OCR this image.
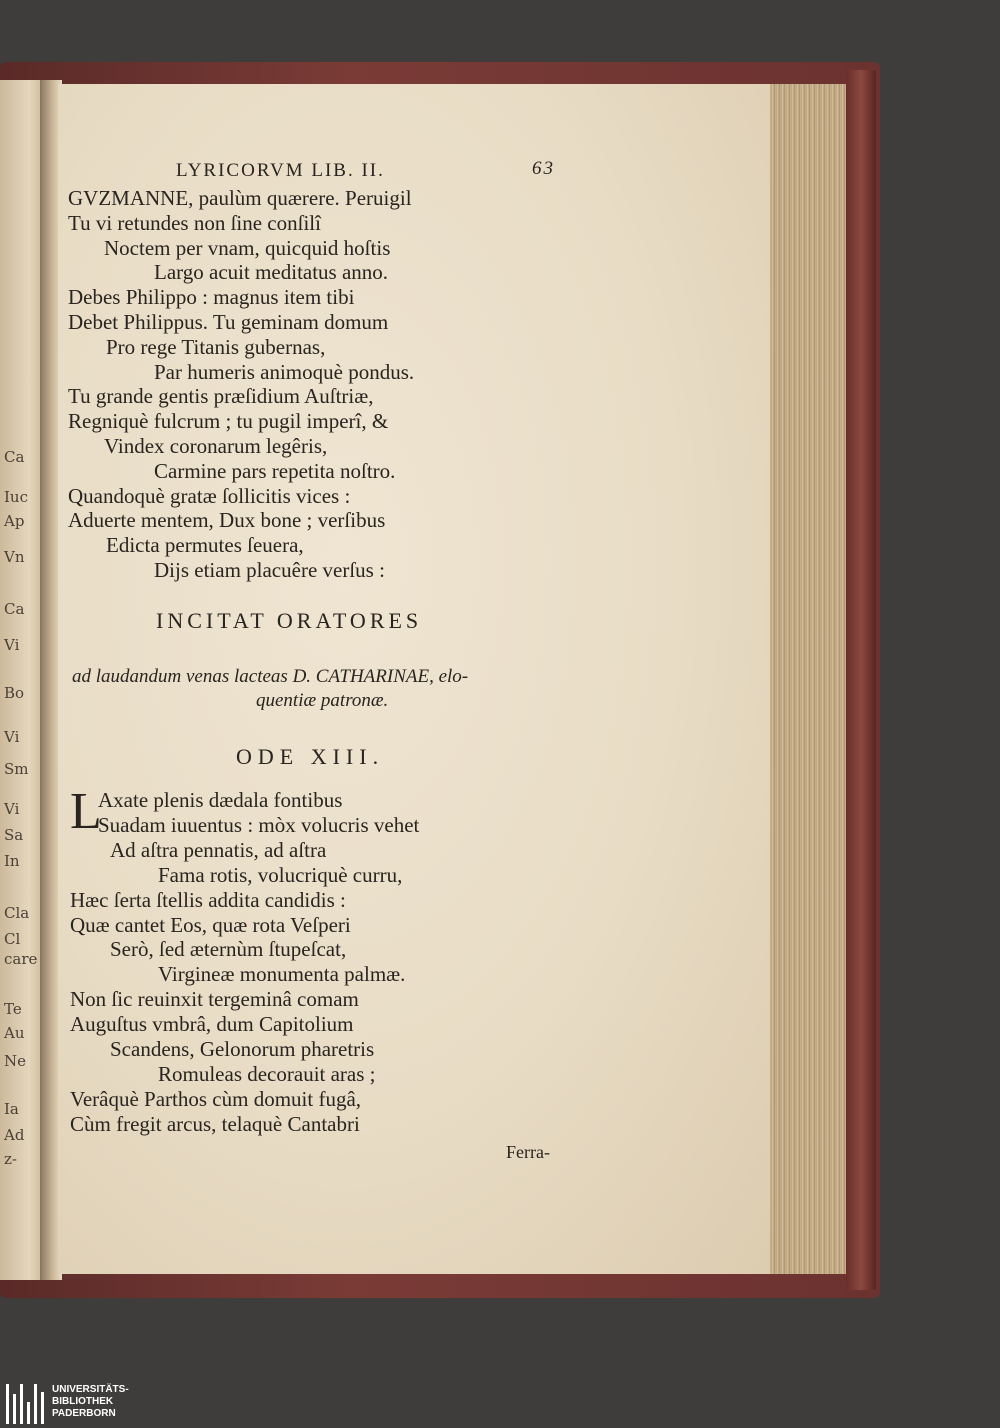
Ca
Iuc
Ap
Vn
Ca
Vi
Bo
Vi
Sm
Vi
Sa
In
Cla
Cl
care
Te
Au
Ne
Ia
Ad
z-
LYRICORVM LIB. II.	63
GVZMANNE, paulùm quærere. Peruigil
Tu vi retundes non ſine conſilî
Noctem per vnam, quicquid hoſtis
Largo acuit meditatus anno.
Debes Philippo : magnus item tibi
Debet Philippus. Tu geminam domum
Pro rege Titanis gubernas,
Par humeris animoquè pondus.
Tu grande gentis præſidium Auſtriæ,
Regniquè fulcrum ; tu pugil imperî, &
Vindex coronarum legêris,
Carmine pars repetita noſtro.
Quandoquè gratæ ſollicitis vices :
Aduerte mentem, Dux bone ; verſibus
Edicta permutes ſeuera,
Dijs etiam placuêre verſus :
INCITAT ORATORES
ad laudandum venas lacteas D. CATHARINAE, elo-
quentiæ patronæ.
ODE XIII.
L
Axate plenis dædala fontibus
Suadam iuuentus : mòx volucris vehet
Ad aſtra pennatis, ad aſtra
Fama rotis, volucriquè curru,
Hæc ſerta ſtellis addita candidis :
Quæ cantet Eos, quæ rota Veſperi
Serò, ſed æternùm ſtupeſcat,
Virgineæ monumenta palmæ.
Non ſic reuinxit tergeminâ comam
Auguſtus vmbrâ, dum Capitolium
Scandens, Gelonorum pharetris
Romuleas decorauit aras ;
Verâquè Parthos cùm domuit fugâ,
Cùm fregit arcus, telaquè Cantabri
Ferra-
UNIVERSITÄTS-
BIBLIOTHEK
PADERBORN
